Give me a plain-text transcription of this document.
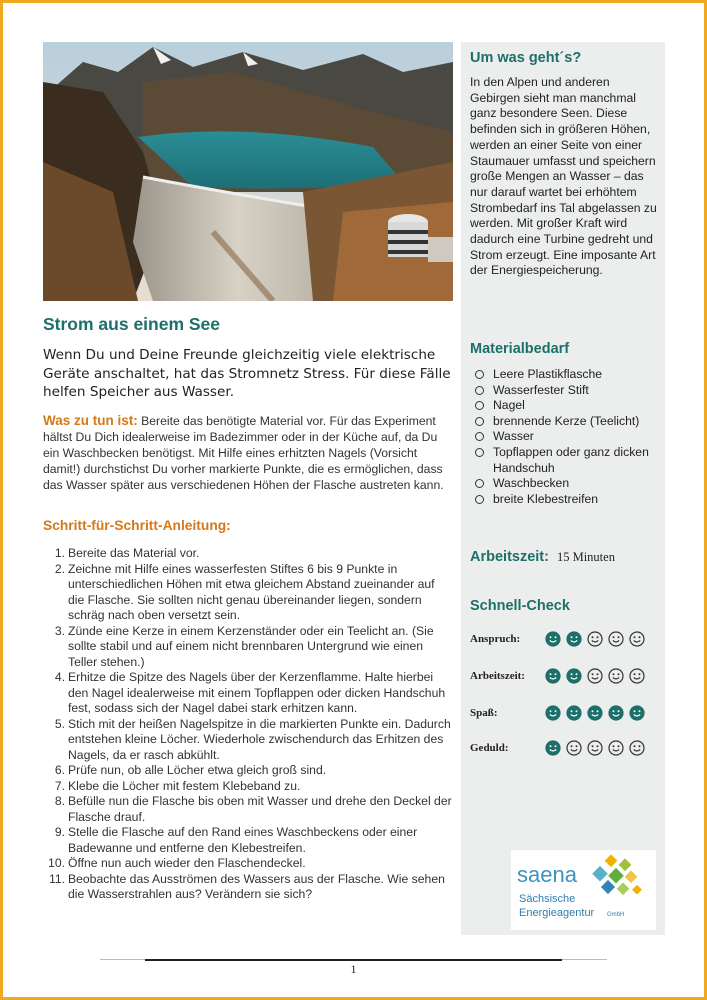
Strom aus einem See

Wenn Du und Deine Freunde gleichzeitig viele elektrische Geräte anschaltet, hat das Stromnetz Stress. Für diese Fälle helfen Speicher aus Wasser.

Was zu tun ist: Bereite das benötigte Material vor. Für das Experiment hältst Du Dich idealerweise im Badezimmer oder in der Küche auf, da Du ein Waschbecken benötigst. Mit Hilfe eines erhitzten Nagels (Vorsicht damit!) durchstichst Du vorher markierte Punkte, die es ermöglichen, dass das Wasser später aus verschiedenen Höhen der Flasche austreten kann.

Schritt-für-Schritt-Anleitung:
1. Bereite das Material vor.
2. Zeichne mit Hilfe eines wasserfesten Stiftes 6 bis 9 Punkte in unterschiedlichen Höhen mit etwa gleichem Abstand zueinander auf die Flasche. Sie sollten nicht genau übereinander liegen, sondern schräg nach oben versetzt sein.
3. Zünde eine Kerze in einem Kerzenständer oder ein Teelicht an. (Sie sollte stabil und auf einem nicht brennbaren Untergrund wie einen Teller stehen.)
4. Erhitze die Spitze des Nagels über der Kerzenflamme. Halte hierbei den Nagel idealerweise mit einem Topflappen oder dicken Handschuh fest, sodass sich der Nagel dabei stark erhitzen kann.
5. Stich mit der heißen Nagelspitze in die markierten Punkte ein. Dadurch entstehen kleine Löcher. Wiederhole zwischendurch das Erhitzen des Nagels, da er rasch abkühlt.
6. Prüfe nun, ob alle Löcher etwa gleich groß sind.
7. Klebe die Löcher mit festem Klebeband zu.
8. Befülle nun die Flasche bis oben mit Wasser und drehe den Deckel der Flasche drauf.
9. Stelle die Flasche auf den Rand eines Waschbeckens oder einer Badewanne und entferne den Klebestreifen.
10. Öffne nun auch wieder den Flaschendeckel.
11. Beobachte das Ausströmen des Wassers aus der Flasche. Wie sehen die Wasserstrahlen aus? Verändern sie sich?
Um was geht´s?
In den Alpen und anderen Gebirgen sieht man manchmal ganz besondere Seen. Diese befinden sich in größeren Höhen, werden an einer Seite von einer Staumauer umfasst und speichern große Mengen an Wasser – das nur darauf wartet bei erhöhtem Strombedarf ins Tal abgelassen zu werden. Mit großer Kraft wird dadurch eine Turbine gedreht und Strom erzeugt. Eine imposante Art der Energiespeicherung.
Materialbedarf
Leere Plastikflasche
Wasserfester Stift
Nagel
brennende Kerze (Teelicht)
Wasser
Topflappen oder ganz dicken Handschuh
Waschbecken
breite Klebestreifen
Arbeitszeit: 15 Minuten
Schnell-Check
Anspruch:
Arbeitszeit:
Spaß:
Geduld:
saena
Sächsische
Energieagentur GmbH
1
